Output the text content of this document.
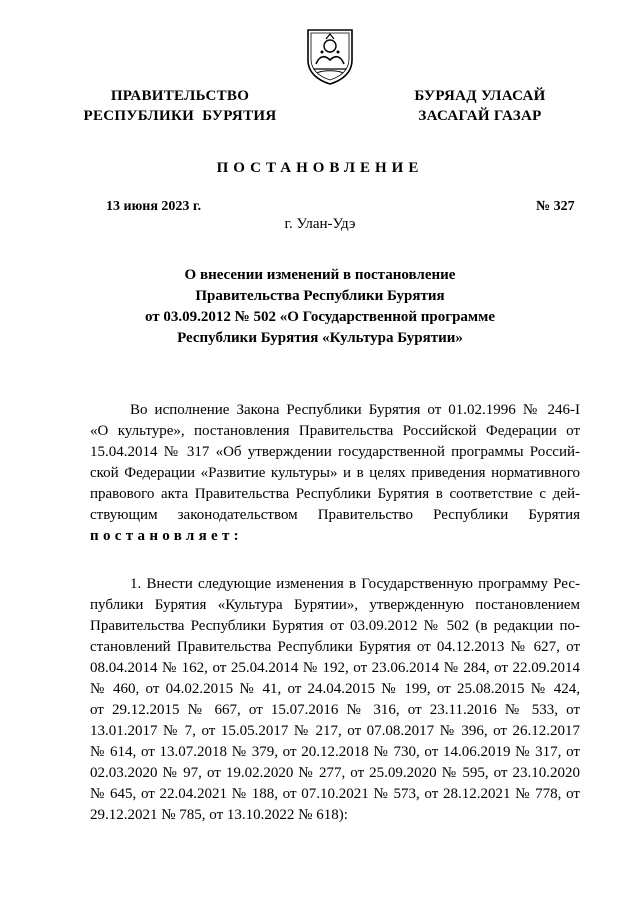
ПРАВИТЕЛЬСТВО
РЕСПУБЛИКИ  БУРЯТИЯ
БУРЯАД УЛАСАЙ
ЗАСАГАЙ ГАЗАР
ПОСТАНОВЛЕНИЕ
13 июня 2023 г.	№ 327
г. Улан-Удэ
О внесении изменений в постановление
Правительства Республики Бурятия
от 03.09.2012 № 502 «О Государственной программе
Республики Бурятия «Культура Бурятии»
Во исполнение Закона Республики Бурятия от 01.02.1996 № 246-I
«О культуре», постановления Правительства Российской Федерации от
15.04.2014 № 317 «Об утверждении государственной программы Россий-
ской Федерации «Развитие культуры» и в целях приведения нормативного
правового акта Правительства Республики Бурятия в соответствие с дей-
ствующим законодательством Правительство Республики Бурятия
постановляет:
1. Внести следующие изменения в Государственную программу Рес-
публики Бурятия «Культура Бурятии», утвержденную постановлением
Правительства Республики Бурятия от 03.09.2012 № 502 (в редакции по-
становлений Правительства Республики Бурятия от 04.12.2013 № 627, от
08.04.2014 № 162, от 25.04.2014 № 192, от 23.06.2014 № 284, от 22.09.2014
№ 460, от 04.02.2015 № 41, от 24.04.2015 № 199, от 25.08.2015 № 424,
от 29.12.2015 № 667, от 15.07.2016 № 316, от 23.11.2016 № 533, от
13.01.2017 № 7, от 15.05.2017 № 217, от 07.08.2017 № 396, от 26.12.2017
№ 614, от 13.07.2018 № 379, от 20.12.2018 № 730, от 14.06.2019 № 317, от
02.03.2020 № 97, от 19.02.2020 № 277, от 25.09.2020 № 595, от 23.10.2020
№ 645, от 22.04.2021 № 188, от 07.10.2021 № 573, от 28.12.2021 № 778, от
29.12.2021 № 785, от 13.10.2022 № 618):
